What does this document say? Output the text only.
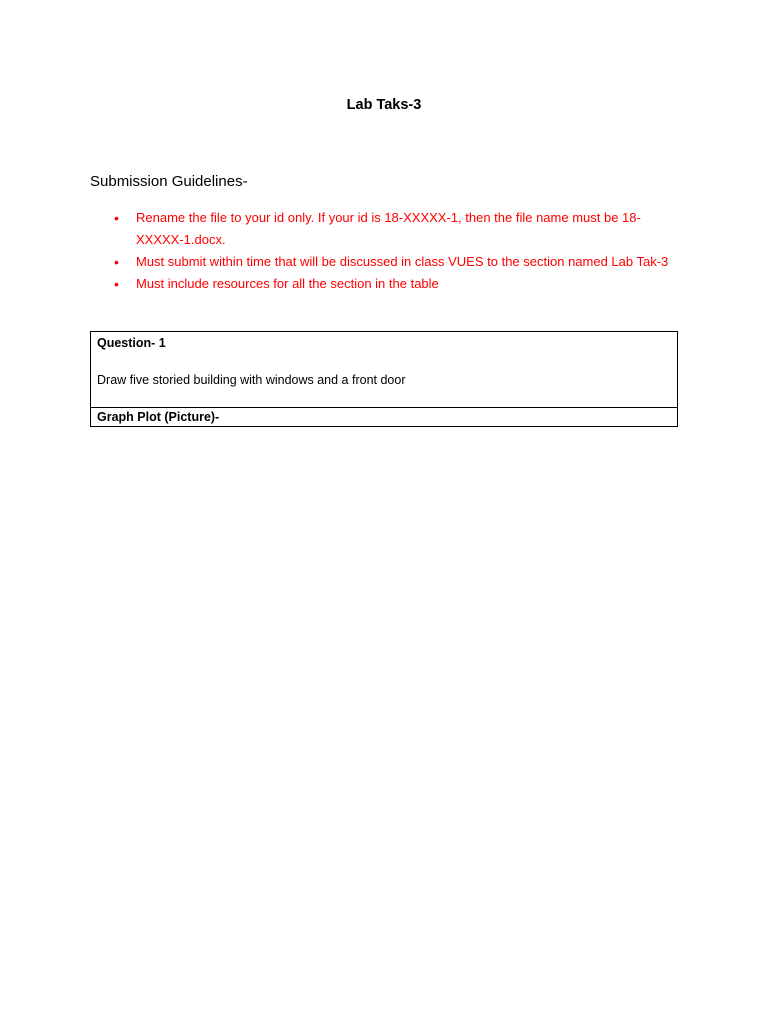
Lab Taks-3
Submission Guidelines-
• Rename the file to your id only. If your id is 18-XXXXX-1, then the file name must be 18-XXXXX-1.docx.
• Must submit within time that will be discussed in class VUES to the section named Lab Tak-3
• Must include resources for all the section in the table
Question- 1
Draw five storied building with windows and a front door

Graph Plot (Picture)-
